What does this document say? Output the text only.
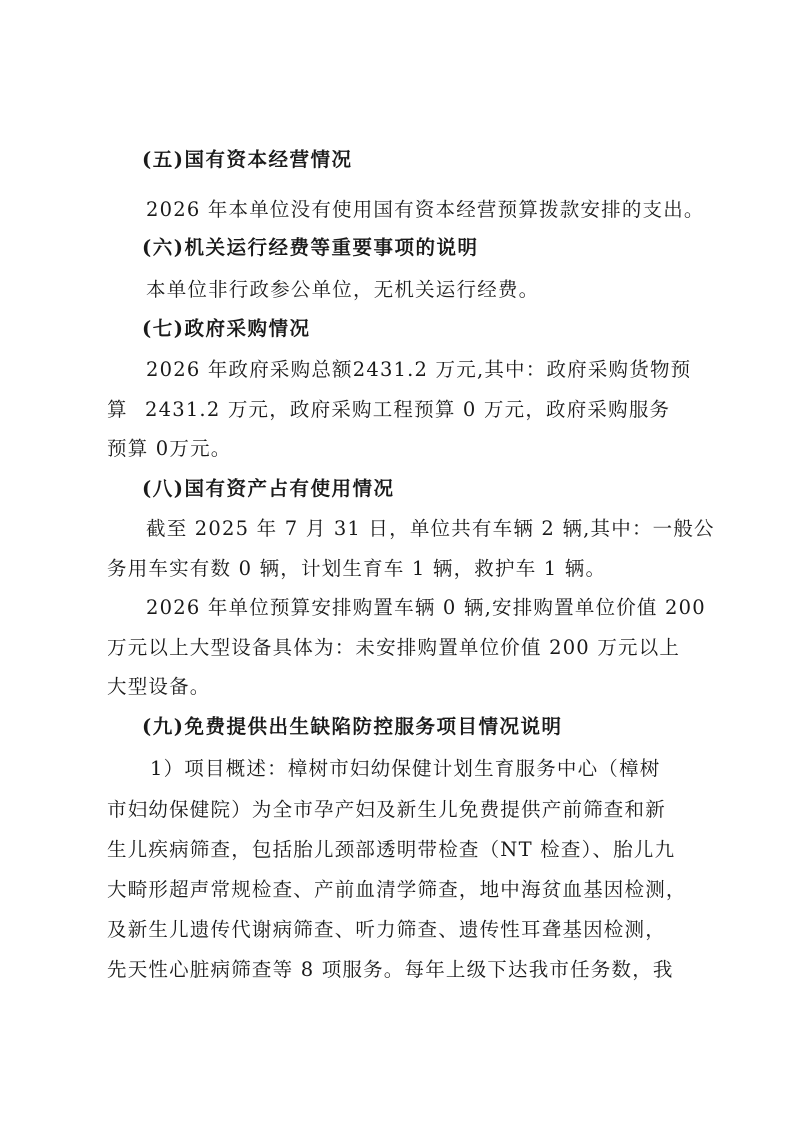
(五)国有资本经营情况
2026 年本单位没有使用国有资本经营预算拨款安排的支出。
(六)机关运行经费等重要事项的说明
本单位非行政参公单位，无机关运行经费。
(七)政府采购情况
2026 年政府采购总额2431.2 万元,其中：政府采购货物预
算 2431.2 万元，政府采购工程预算 0 万元，政府采购服务
预算 0万元。
(八)国有资产占有使用情况
截至 2025 年 7 月 31 日，单位共有车辆 2 辆,其中：一般公
务用车实有数 0 辆，计划生育车 1 辆，救护车 1 辆。
2026 年单位预算安排购置车辆 0 辆,安排购置单位价值 200
万元以上大型设备具体为：未安排购置单位价值 200 万元以上
大型设备。
(九)免费提供出生缺陷防控服务项目情况说明
1）项目概述：樟树市妇幼保健计划生育服务中心（樟树
市妇幼保健院）为全市孕产妇及新生儿免费提供产前筛查和新
生儿疾病筛查，包括胎儿颈部透明带检查（NT 检查）、胎儿九
大畸形超声常规检查、产前血清学筛查，地中海贫血基因检测，
及新生儿遗传代谢病筛查、听力筛查、遗传性耳聋基因检测，
先天性心脏病筛查等 8 项服务。每年上级下达我市任务数，我
